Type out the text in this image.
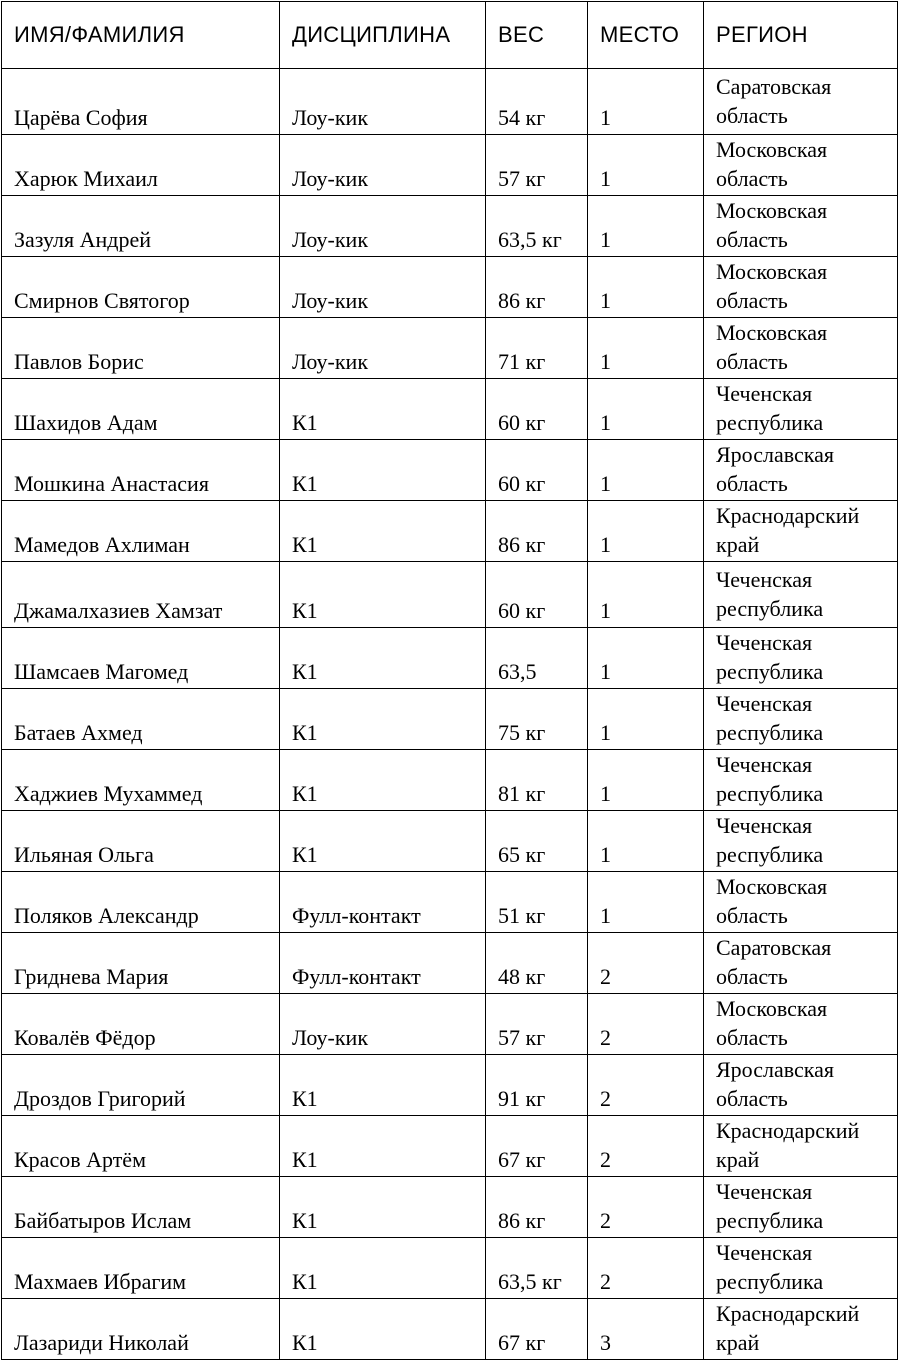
ИМЯ/ФАМИЛИЯ	ДИСЦИПЛИНА	ВЕС	МЕСТО	РЕГИОН
Царёва София	Лоу-кик	54 кг	1	Саратовская область
Харюк Михаил	Лоу-кик	57 кг	1	Московская область
Зазуля Андрей	Лоу-кик	63,5 кг	1	Московская область
Смирнов Святогор	Лоу-кик	86 кг	1	Московская область
Павлов Борис	Лоу-кик	71 кг	1	Московская область
Шахидов Адам	К1	60 кг	1	Чеченская республика
Мошкина Анастасия	К1	60 кг	1	Ярославская область
Мамедов Ахлиман	К1	86 кг	1	Краснодарский край
Джамалхазиев Хамзат	К1	60 кг	1	Чеченская республика
Шамсаев Магомед	К1	63,5	1	Чеченская республика
Батаев Ахмед	К1	75 кг	1	Чеченская республика
Хаджиев Мухаммед	К1	81 кг	1	Чеченская республика
Ильяная Ольга	К1	65 кг	1	Чеченская республика
Поляков Александр	Фулл-контакт	51 кг	1	Московская область
Гриднева Мария	Фулл-контакт	48 кг	2	Саратовская область
Ковалёв Фёдор	Лоу-кик	57 кг	2	Московская область
Дроздов Григорий	К1	91 кг	2	Ярославская область
Красов Артём	К1	67 кг	2	Краснодарский край
Байбатыров Ислам	К1	86 кг	2	Чеченская республика
Махмаев Ибрагим	К1	63,5 кг	2	Чеченская республика
Лазариди Николай	К1	67 кг	3	Краснодарский край
